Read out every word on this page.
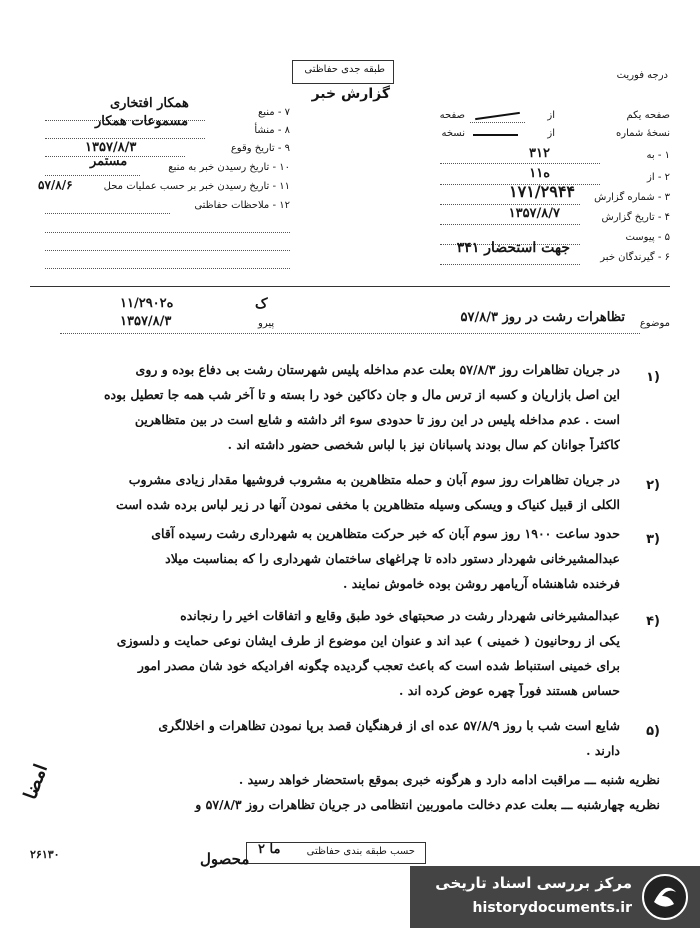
درجه فوریت
طبقه جدی حفاظتی
گزارش خبر
صفحه یکم
از
صفحه
نسخهٔ شماره
از
نسخه
۱ - به
۳۱۲
۲ - از
۱ه۱
۳ - شماره گزارش
۱۷۱/۲۹۴۴
۴ - تاریخ گزارش
۱۳۵۷/۸/۷
۵ - پیوست
۶ - گیرندگان خبر
۳۴۱ جهت استحضار
۷ - منبع
همکار افتخاری
۸ - منشأ
مسموعات همکار
۹ - تاریخ وقوع
۱۳۵۷/۸/۳
۱۰ - تاریخ رسیدن خبر به منبع
مستمر
۱۱ - تاریخ رسیدن خبر بر حسب عملیات محل
۵۷/۸/۶
۱۲ - ملاحظات حفاظتی
موضوع
تظاهرات رشت در روز ۵۷/۸/۳
ک
پیرو
۱ه۱/۲۹۰۲
۱۳۵۷/۸/۳
۱)
در جریان تظاهرات روز ۵۷/۸/۳ بعلت عدم مداخله پلیس شهرستان رشت بی دفاع بوده و روی
این اصل بازاریان و کسبه از ترس مال و جان دکاکین خود را بسته و تا آخر شب همه جا تعطیل بوده
است . عدم مداخله پلیس در این روز تا حدودی سوء اثر داشته و شایع است در بین متظاهرین
کاکثراً جوانان کم سال بودند پاسبانان نیز با لباس شخصی حضور داشته اند .
۲)
در جریان تظاهرات روز سوم آبان و حمله متظاهرین به مشروب فروشیها مقدار زیادی مشروب
الکلی از قبیل کنیاک و ویسکی وسیله متظاهرین با مخفی نمودن آنها در زیر لباس برده شده است
۳)
حدود ساعت ۱۹۰۰ روز سوم آبان که خبر حرکت متظاهرین به شهرداری رشت رسیده آقای
عبدالمشیرخانی شهردار دستور داده تا چراغهای ساختمان شهرداری را که بمناسبت میلاد
فرخنده شاهنشاه آریامهر روشن بوده خاموش نمایند .
۴)
عبدالمشیرخانی شهردار رشت در صحبتهای خود طبق وقایع و اتفاقات اخیر را رنجانده
یکی از روحانیون ( خمینی ) عبد اند و عنوان این موضوع از طرف ایشان نوعی حمایت و دلسوزی
برای خمینی استنباط شده است که باعث تعجب گردیده چگونه افرادیکه خود شان مصدر امور
حساس هستند فوراً چهره عوض کرده اند .
۵)
شایع است شب با روز ۵۷/۸/۹ عده ای از فرهنگیان قصد برپا نمودن تظاهرات و اخلالگری
دارند .
نظریه شنبه ـــ مراقبت ادامه دارد و هرگونه خبری بموقع باستحضار خواهد رسید .
نظریه چهارشنبه ـــ بعلت عدم دخالت ماموربین انتظامی در جریان تظاهرات روز ۵۷/۸/۳ و
امضا
۲۶۱۳۰	حسب طبقه بندی حفاظتی
ما ۲
محصول
مرکز بررسی اسناد تاریخی
historydocuments.ir
